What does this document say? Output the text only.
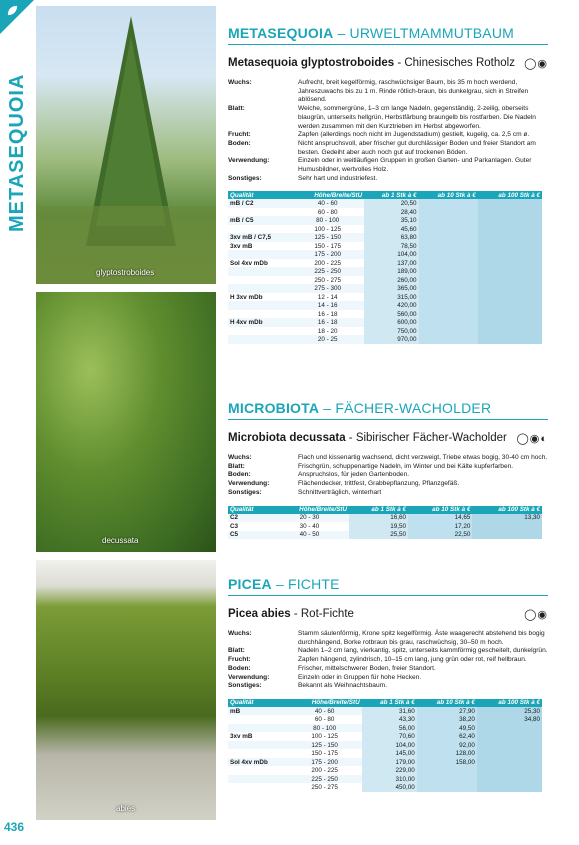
METASEQUOIA
glyptostroboides
decussata
abies
METASEQUOIA – URWELTMAMMUTBAUM
Metasequoia glyptostroboides - Chinesisches Rotholz ◯◉
Wuchs:	Aufrecht, breit kegelförmig, raschwüchsiger Baum, bis 35 m hoch werdend, Jahreszuwachs bis zu 1 m. Rinde rötlich-braun, bis dunkelgrau, sich in Streifen ablösend.
Blatt:	Weiche, sommergrüne, 1–3 cm lange Nadeln, gegenständig, 2-zeilig, oberseits blaugrün, unterseits hellgrün, Herbstfärbung braungelb bis rostfarben. Die Nadeln werden zusammen mit den Kurztrieben im Herbst abgeworfen.
Frucht:	Zapfen (allerdings noch nicht im Jugendstadium) gestielt, kugelig, ca. 2,5 cm ø.
Boden:	Nicht anspruchsvoll, aber frischer gut durchlässiger Boden und freier Standort am besten. Gedeiht aber auch noch gut auf trockenen Böden.
Verwendung:	Einzeln oder in weitläufigen Gruppen in großen Garten- und Parkanlagen. Guter Humusbildner, wertvolles Holz.
Sonstiges:	Sehr hart und industriefest.
Qualität	Höhe/Breite/StU	ab 1 Stk à €	ab 10 Stk à €	ab 100 Stk à €
mB / C2	40 - 60	20,50		
	60 - 80	28,40		
mB / C5	80 - 100	35,10		
	100 - 125	45,60		
3xv mB / C7,5	125 - 150	63,80		
3xv mB	150 - 175	78,50		
	175 - 200	104,00		
Sol 4xv mDb	200 - 225	137,00		
	225 - 250	189,00		
	250 - 275	260,00		
	275 - 300	365,00		
H 3xv mDb	12 - 14	315,00		
	14 - 16	420,00		
	16 - 18	560,00		
H 4xv mDb	16 - 18	600,00		
	18 - 20	750,00		
	20 - 25	970,00		
MICROBIOTA – FÄCHER-WACHOLDER
Microbiota decussata - Sibirischer Fächer-Wacholder ◯◉◐
Wuchs:	Flach und kissenartig wachsend, dicht verzweigt, Triebe etwas bogig, 30-40 cm hoch.
Blatt:	Frischgrün, schuppenartige Nadeln, im Winter und bei Kälte kupferfarben.
Boden:	Anspruchslos, für jeden Gartenboden.
Verwendung:	Flächendecker, trittfest, Grabbepflanzung, Pflanzgefäß.
Sonstiges:	Schnittverträglich, winterhart
Qualität	Höhe/Breite/StU	ab 1 Stk à €	ab 10 Stk à €	ab 100 Stk à €
C2	20 - 30	16,60	14,65	13,30
C3	30 - 40	19,50	17,20	
C5	40 - 50	25,50	22,50	
PICEA – FICHTE
Picea abies - Rot-Fichte	◯◉
Wuchs:	Stamm säulenförmig, Krone spitz kegelförmig. Äste waagerecht abstehend bis bogig durchhängend, Borke rotbraun bis grau, raschwüchsig, 30–50 m hoch.
Blatt:	Nadeln 1–2 cm lang, vierkantig, spitz, unterseits kammförmig gescheitelt, dunkelgrün.
Frucht:	Zapfen hängend, zylindrisch, 10–15 cm lang, jung grün oder rot, reif hellbraun.
Boden:	Frischer, mittelschwerer Boden, freier Standort.
Verwendung:	Einzeln oder in Gruppen für hohe Hecken.
Sonstiges:	Bekannt als Weihnachtsbaum.
Qualität	Höhe/Breite/StU	ab 1 Stk à €	ab 10 Stk à €	ab 100 Stk à €
mB	40 - 60	31,60	27,90	25,30
	60 - 80	43,30	38,20	34,80
	80 - 100	56,00	49,50	
3xv mB	100 - 125	70,60	62,40	
	125 - 150	104,00	92,00	
	150 - 175	145,00	128,00	
Sol 4xv mDb	175 - 200	179,00	158,00	
	200 - 225	229,00		
	225 - 250	310,00		
	250 - 275	450,00		
436
